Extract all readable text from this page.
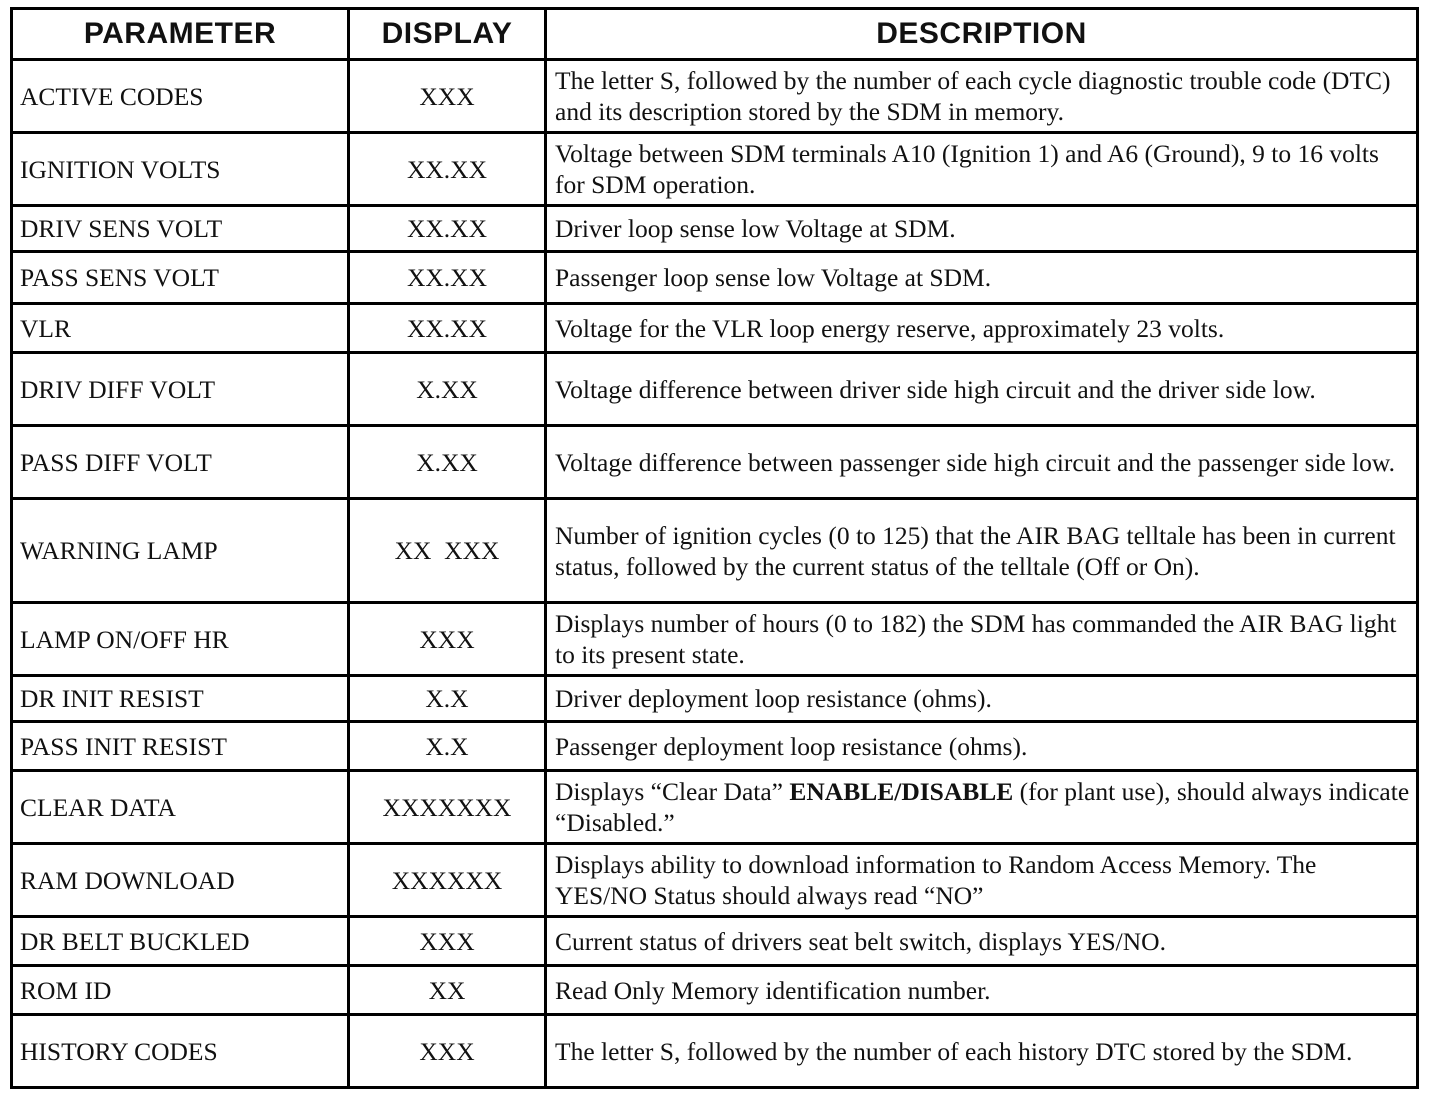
PARAMETER	DISPLAY	DESCRIPTION
ACTIVE CODES	XXX	The letter S, followed by the number of each cycle diagnostic trouble code (DTC) and its description stored by the SDM in memory.
IGNITION VOLTS	XX.XX	Voltage between SDM terminals A10 (Ignition 1) and A6 (Ground), 9 to 16 volts for SDM operation.
DRIV SENS VOLT	XX.XX	Driver loop sense low Voltage at SDM.
PASS SENS VOLT	XX.XX	Passenger loop sense low Voltage at SDM.
VLR	XX.XX	Voltage for the VLR loop energy reserve, approximately 23 volts.
DRIV DIFF VOLT	X.XX	Voltage difference between driver side high circuit and the driver side low.
PASS DIFF VOLT	X.XX	Voltage difference between passenger side high circuit and the passenger side low.
WARNING LAMP	XX  XXX	Number of ignition cycles (0 to 125) that the AIR BAG telltale has been in current status, followed by the current status of the telltale (Off or On).
LAMP ON/OFF HR	XXX	Displays number of hours (0 to 182) the SDM has commanded the AIR BAG light to its present state.
DR INIT RESIST	X.X	Driver deployment loop resistance (ohms).
PASS INIT RESIST	X.X	Passenger deployment loop resistance (ohms).
CLEAR DATA	XXXXXXX	Displays “Clear Data” ENABLE/DISABLE (for plant use), should always indicate “Disabled.”
RAM DOWNLOAD	XXXXXX	Displays ability to download information to Random Access Memory. The YES/NO Status should always read “NO”
DR BELT BUCKLED	XXX	Current status of drivers seat belt switch, displays YES/NO.
ROM ID	XX	Read Only Memory identification number.
HISTORY CODES	XXX	The letter S, followed by the number of each history DTC stored by the SDM.
